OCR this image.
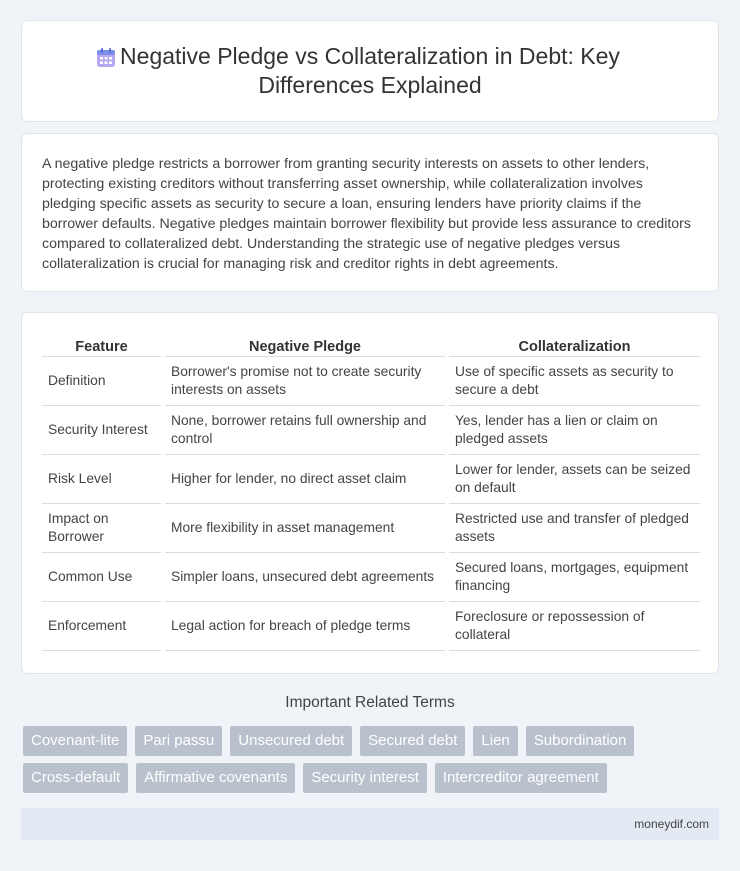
Negative Pledge vs Collateralization in Debt: Key Differences Explained

A negative pledge restricts a borrower from granting security interests on assets to other lenders, protecting existing creditors without transferring asset ownership, while collateralization involves pledging specific assets as security to secure a loan, ensuring lenders have priority claims if the borrower defaults. Negative pledges maintain borrower flexibility but provide less assurance to creditors compared to collateralized debt. Understanding the strategic use of negative pledges versus collateralization is crucial for managing risk and creditor rights in debt agreements.

Feature	Negative Pledge	Collateralization
Definition	Borrower's promise not to create security interests on assets	Use of specific assets as security to secure a debt
Security Interest	None, borrower retains full ownership and control	Yes, lender has a lien or claim on pledged assets
Risk Level	Higher for lender, no direct asset claim	Lower for lender, assets can be seized on default
Impact on Borrower	More flexibility in asset management	Restricted use and transfer of pledged assets
Common Use	Simpler loans, unsecured debt agreements	Secured loans, mortgages, equipment financing
Enforcement	Legal action for breach of pledge terms	Foreclosure or repossession of collateral
Important Related Terms
Covenant-lite	Pari passu	Unsecured debt	Secured debt	Lien	Subordination
Cross-default	Affirmative covenants	Security interest	Intercreditor agreement
moneydif.com
